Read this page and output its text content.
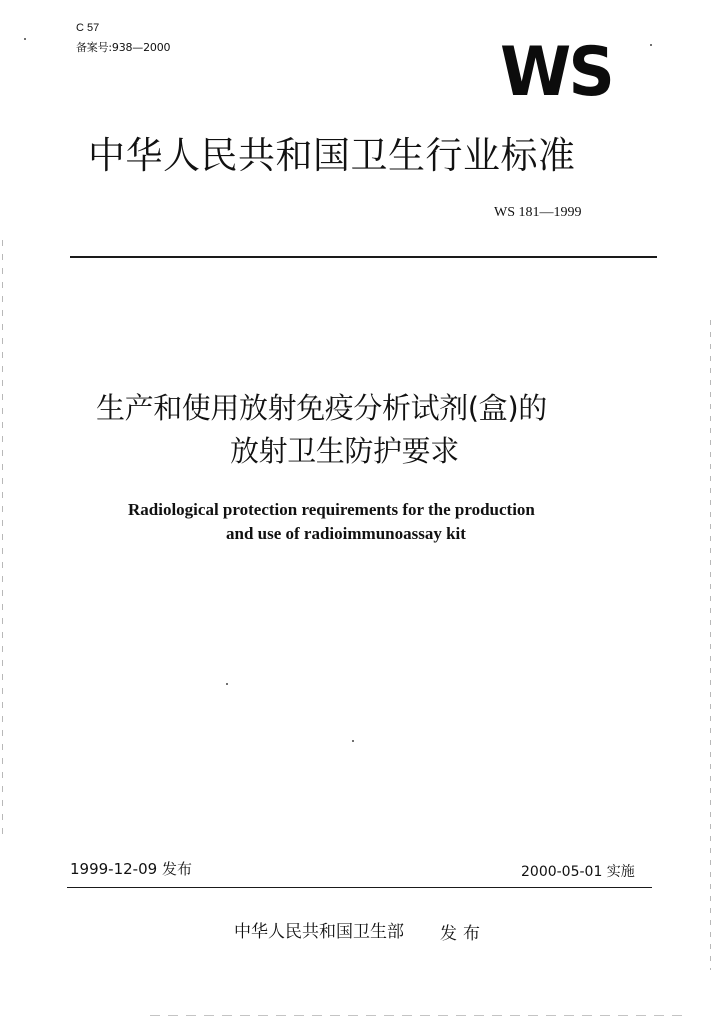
C 57
备案号:938—2000	WS
中华人民共和国卫生行业标准
WS 181—1999
生产和使用放射免疫分析试剂(盒)的
放射卫生防护要求
Radiological protection requirements for the production
and use of radioimmunoassay kit
1999-12-09 发布	2000-05-01 实施
中华人民共和国卫生部 发布
